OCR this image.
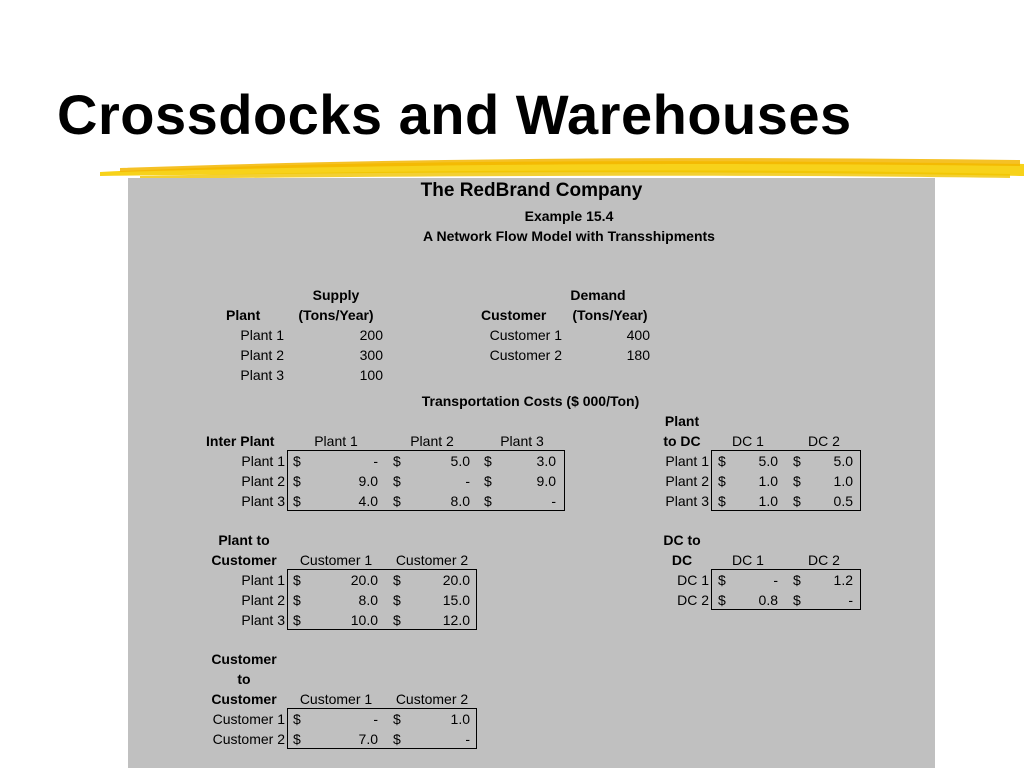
Crossdocks and Warehouses
The RedBrand Company
Example 15.4
A Network Flow Model with Transshipments
Supply
Plant	(Tons/Year)
Plant 1	200
Plant 2	300
Plant 3	100
Demand
Customer	(Tons/Year)
Customer 1	400
Customer 2	180
Transportation Costs ($ 000/Ton)
Inter Plant	Plant 1	Plant 2	Plant 3
Plant 1 $	- $	5.0 $	3.0
Plant 2 $	9.0 $	- $	9.0
Plant 3 $	4.0 $	8.0 $	-
Plant
to DC	DC 1	DC 2
Plant 1 $	5.0 $	5.0
Plant 2 $	1.0 $	1.0
Plant 3 $	1.0 $	0.5
Plant to
Customer	Customer 1	Customer 2
Plant 1 $	20.0 $	20.0
Plant 2 $	8.0 $	15.0
Plant 3 $	10.0 $	12.0
DC to
DC	DC 1	DC 2
DC 1 $	- $	1.2
DC 2 $	0.8 $	-
Customer
to
Customer	Customer 1	Customer 2
Customer 1 $	- $	1.0
Customer 2 $	7.0 $	-
